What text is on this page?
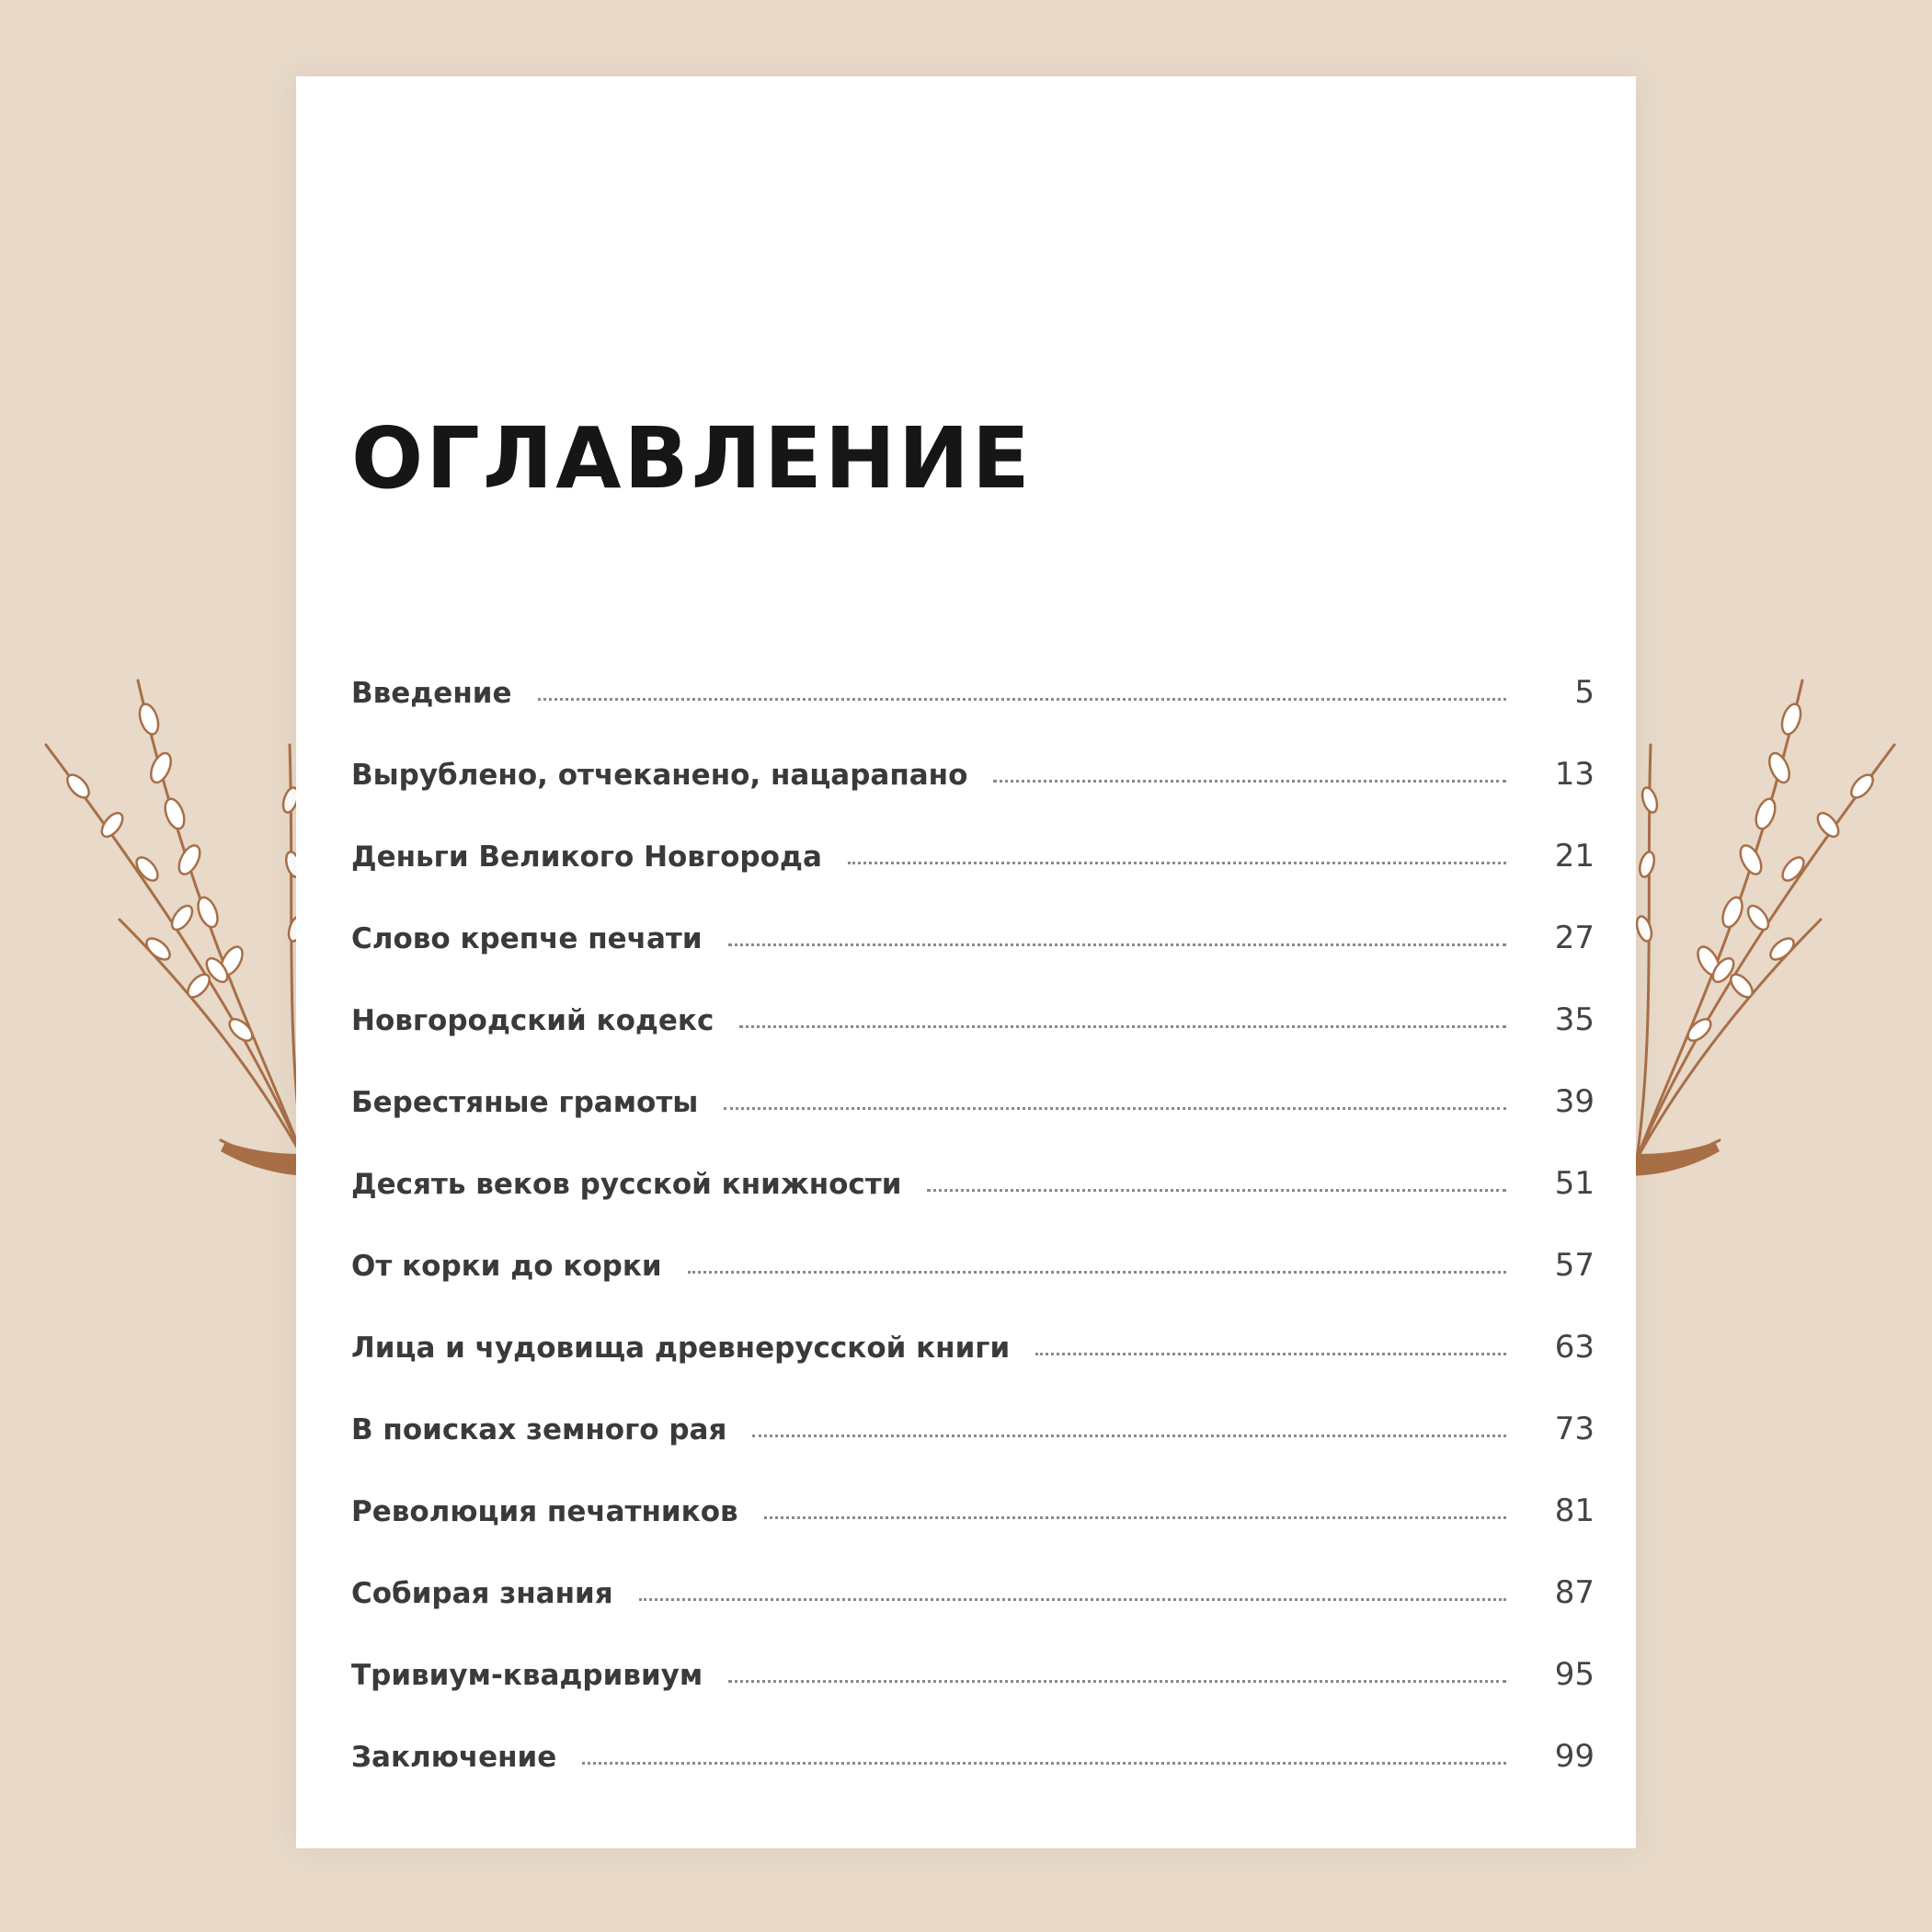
ОГЛАВЛЕНИЕ
Введение	5
Вырублено, отчеканено, нацарапано	13
Деньги Великого Новгорода	21
Слово крепче печати	27
Новгородский кодекс	35
Берестяные грамоты	39
Десять веков русской книжности	51
От корки до корки	57
Лица и чудовища древнерусской книги	63
В поисках земного рая	73
Революция печатников	81
Собирая знания	87
Тривиум-квадривиум	95
Заключение	99
